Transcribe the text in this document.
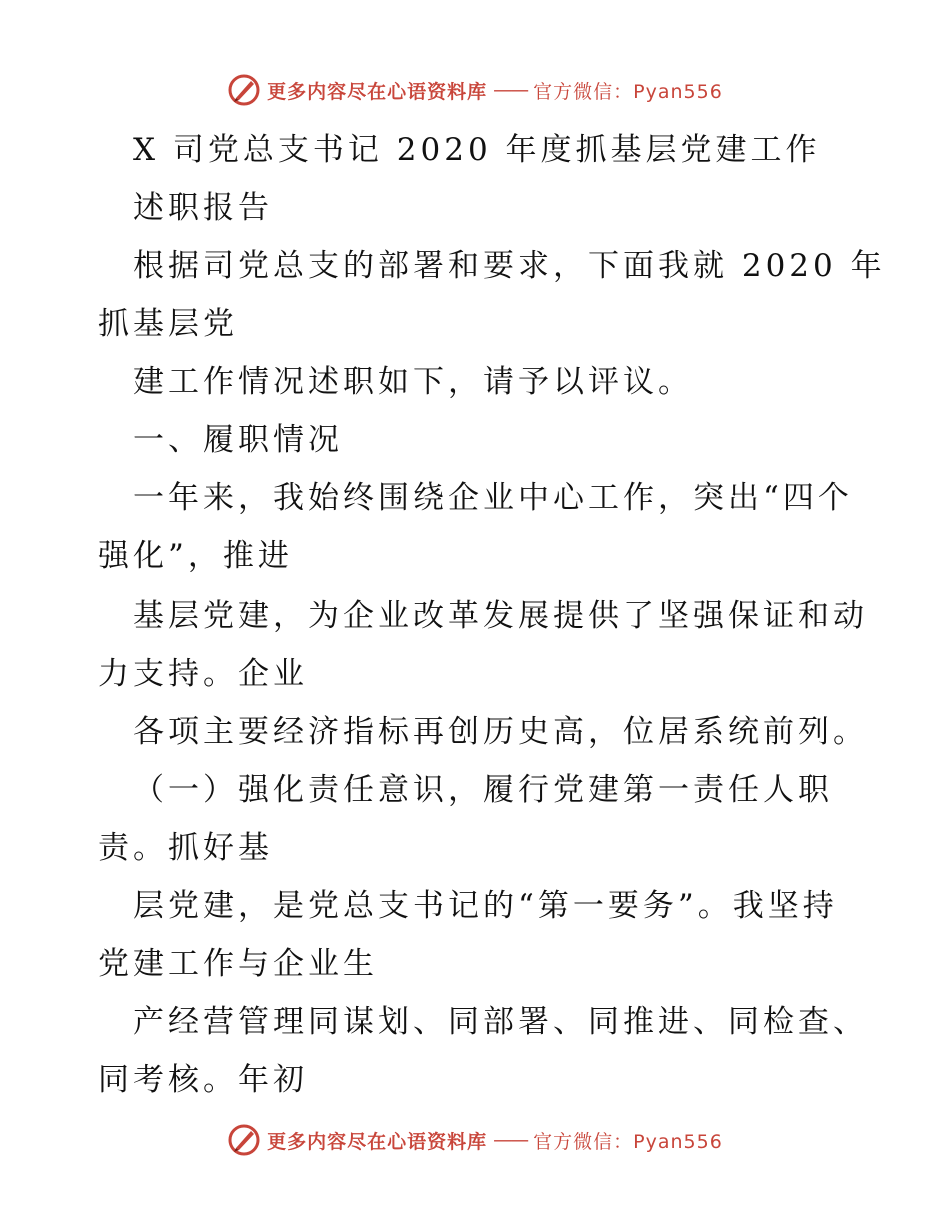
更多内容尽在心语资料库 —— 官方微信：Pyan556
X 司党总支书记 2020 年度抓基层党建工作
述职报告
根据司党总支的部署和要求，下面我就 2020 年
抓基层党
建工作情况述职如下，请予以评议。
一、履职情况
一年来，我始终围绕企业中心工作，突出“四个
强化”，推进
基层党建，为企业改革发展提供了坚强保证和动
力支持。企业
各项主要经济指标再创历史高，位居系统前列。
（一）强化责任意识，履行党建第一责任人职
责。抓好基
层党建，是党总支书记的“第一要务”。我坚持
党建工作与企业生
产经营管理同谋划、同部署、同推进、同检查、
同考核。年初
更多内容尽在心语资料库 —— 官方微信：Pyan556
